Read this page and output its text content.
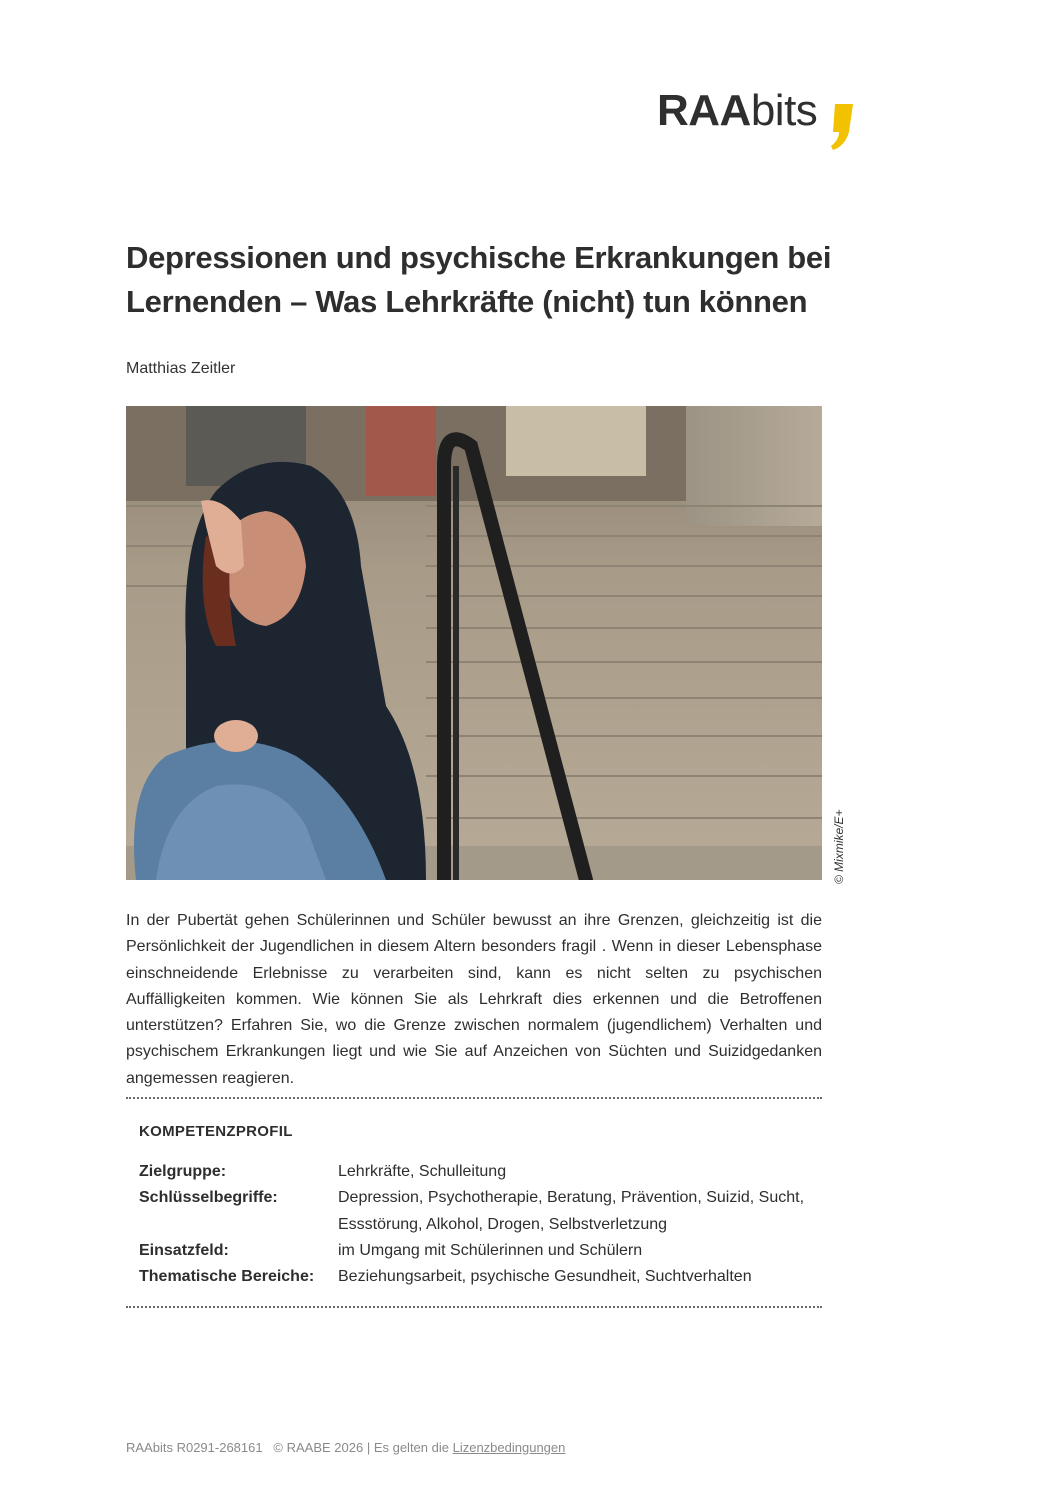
RAAbits
Depressionen und psychische Erkrankungen bei Lernenden – Was Lehrkräfte (nicht) tun können
Matthias Zeitler
© Mixmike/E+

In der Pubertät gehen Schülerinnen und Schüler bewusst an ihre Grenzen, gleichzeitig ist die Persönlichkeit der Jugendlichen in diesem Altern besonders fragil . Wenn in dieser Lebensphase einschneidende Erlebnisse zu verarbeiten sind, kann es nicht selten zu psychischen Auffälligkeiten kommen. Wie können Sie als Lehrkraft dies erkennen und die Betroffenen unterstützen? Erfahren Sie, wo die Grenze zwischen normalem (jugendlichem) Verhalten und psychischem Erkrankungen liegt und wie Sie auf Anzeichen von Süchten und Suizidgedanken angemessen reagieren.

KOMPETENZPROFIL
Zielgruppe:	Lehrkräfte, Schulleitung
Schlüsselbegriffe:	Depression, Psychotherapie, Beratung, Prävention, Suizid, Sucht, Essstörung, Alkohol, Drogen, Selbstverletzung
Einsatzfeld:	im Umgang mit Schülerinnen und Schülern
Thematische Bereiche:	Beziehungsarbeit, psychische Gesundheit, Suchtverhalten
RAAbits R0291-268161   © RAABE 2026 | Es gelten die Lizenzbedingungen
